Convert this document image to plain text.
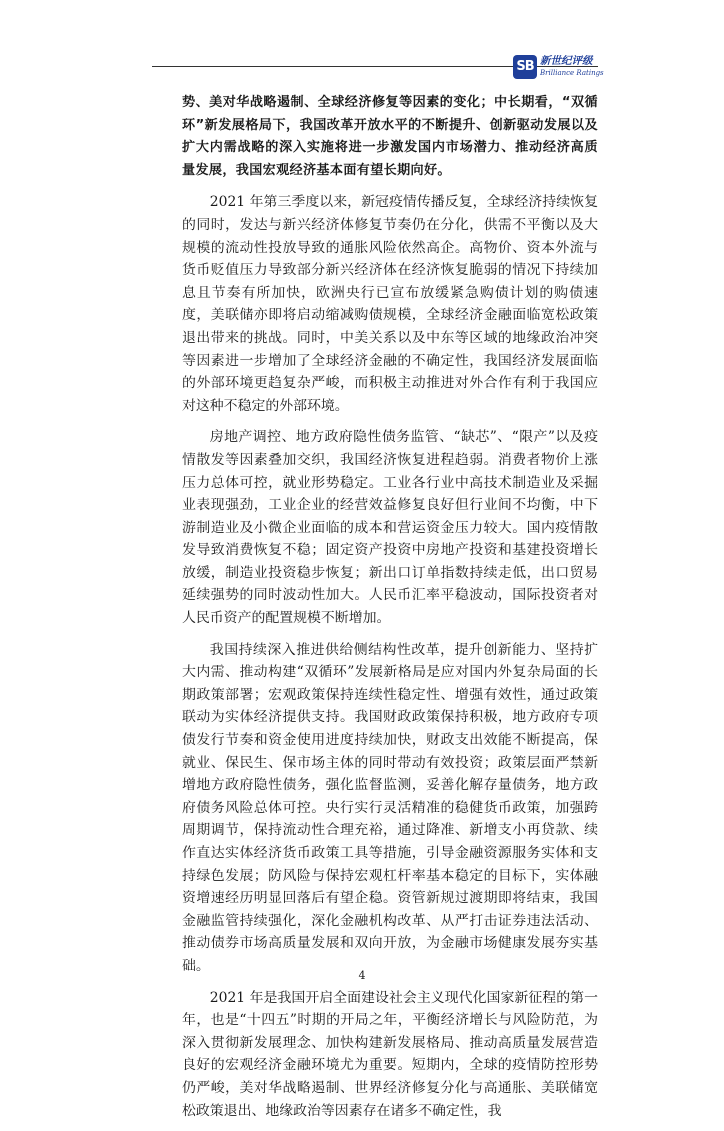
SB 新世纪评级
Brilliance Ratings

势、美对华战略遏制、全球经济修复等因素的变化；中长期看，“双循环”新发展格局下，我国改革开放水平的不断提升、创新驱动发展以及扩大内需战略的深入实施将进一步激发国内市场潜力、推动经济高质量发展，我国宏观经济基本面有望长期向好。

2021 年第三季度以来，新冠疫情传播反复，全球经济持续恢复的同时，发达与新兴经济体修复节奏仍在分化，供需不平衡以及大规模的流动性投放导致的通胀风险依然高企。高物价、资本外流与货币贬值压力导致部分新兴经济体在经济恢复脆弱的情况下持续加息且节奏有所加快，欧洲央行已宣布放缓紧急购债计划的购债速度，美联储亦即将启动缩减购债规模，全球经济金融面临宽松政策退出带来的挑战。同时，中美关系以及中东等区域的地缘政治冲突等因素进一步增加了全球经济金融的不确定性，我国经济发展面临的外部环境更趋复杂严峻，而积极主动推进对外合作有利于我国应对这种不稳定的外部环境。

房地产调控、地方政府隐性债务监管、“缺芯”、“限产”以及疫情散发等因素叠加交织，我国经济恢复进程趋弱。消费者物价上涨压力总体可控，就业形势稳定。工业各行业中高技术制造业及采掘业表现强劲，工业企业的经营效益修复良好但行业间不均衡，中下游制造业及小微企业面临的成本和营运资金压力较大。国内疫情散发导致消费恢复不稳；固定资产投资中房地产投资和基建投资增长放缓，制造业投资稳步恢复；新出口订单指数持续走低，出口贸易延续强势的同时波动性加大。人民币汇率平稳波动，国际投资者对人民币资产的配置规模不断增加。

我国持续深入推进供给侧结构性改革，提升创新能力、坚持扩大内需、推动构建“双循环”发展新格局是应对国内外复杂局面的长期政策部署；宏观政策保持连续性稳定性、增强有效性，通过政策联动为实体经济提供支持。我国财政政策保持积极，地方政府专项债发行节奏和资金使用进度持续加快，财政支出效能不断提高，保就业、保民生、保市场主体的同时带动有效投资；政策层面严禁新增地方政府隐性债务，强化监督监测，妥善化解存量债务，地方政府债务风险总体可控。央行实行灵活精准的稳健货币政策，加强跨周期调节，保持流动性合理充裕，通过降准、新增支小再贷款、续作直达实体经济货币政策工具等措施，引导金融资源服务实体和支持绿色发展；防风险与保持宏观杠杆率基本稳定的目标下，实体融资增速经历明显回落后有望企稳。资管新规过渡期即将结束，我国金融监管持续强化，深化金融机构改革、从严打击证券违法活动、推动债券市场高质量发展和双向开放，为金融市场健康发展夯实基础。

2021 年是我国开启全面建设社会主义现代化国家新征程的第一年，也是“十四五”时期的开局之年，平衡经济增长与风险防范，为深入贯彻新发展理念、加快构建新发展格局、推动高质量发展营造良好的宏观经济金融环境尤为重要。短期内，全球的疫情防控形势仍严峻，美对华战略遏制、世界经济修复分化与高通胀、美联储宽松政策退出、地缘政治等因素存在诸多不确定性，我

4
